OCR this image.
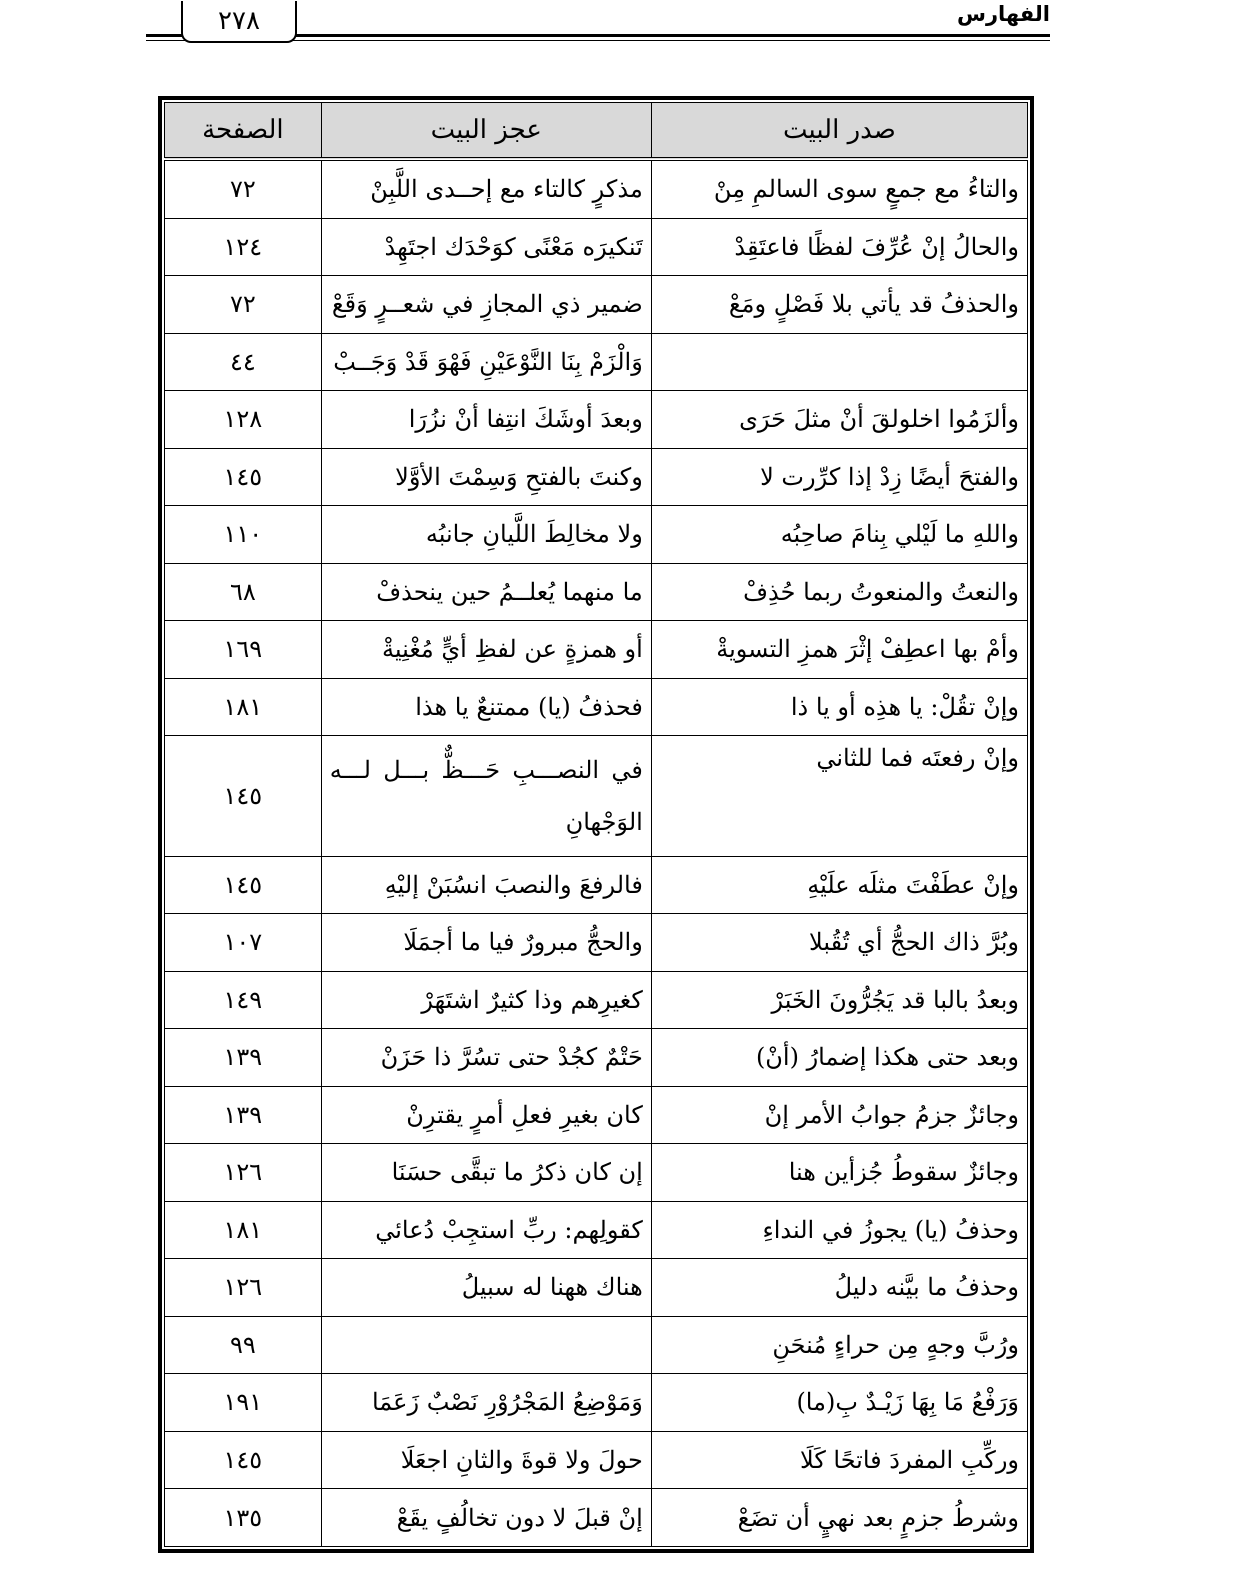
٢٧٨	الفهارس
صدر البيت	عجز البيت	الصفحة
والتاءُ مع جمعٍ سوى السالمِ مِنْ	مذكرٍ كالتاء مع إحــدى اللَّبِنْ	٧٢
والحالُ إنْ عُرِّفَ لفظًا فاعتَقِدْ	تَنكيرَه مَعْنًى كوَحْدَك اجتَهِدْ	١٢٤
والحذفُ قد يأتي بلا فَصْلٍ ومَعْ	ضمير ذي المجازِ في شعــرٍ وَقَعْ	٧٢
	وَالْزَمْ بِنَا النَّوْعَيْنِ فَهْوَ قَدْ وَجَــبْ	٤٤
وألزَمُوا اخلولقَ أنْ مثلَ حَرَى	وبعدَ أوشَكَ انتِفا أنْ نزُرَا	١٢٨
والفتحَ أيضًا زِدْ إذا كرِّرت لا	وكنتَ بالفتحِ وَسِمْتَ الأوَّلا	١٤٥
واللهِ ما لَيْلي بِنامَ صاحِبُه	ولا مخالِطَ اللَّيانِ جانبُه	١١٠
والنعتُ والمنعوتُ ربما حُذِفْ	ما منهما يُعلــمُ حين ينحذفْ	٦٨
وأمْ بها اعطِفْ إثْرَ همزِ التسويةْ	أو همزةٍ عن لفظِ أيٍّ مُغْنِيةْ	١٦٩
وإنْ تقُلْ: يا هذِه أو يا ذا	فحذفُ (يا) ممتنعٌ يا هذا	١٨١
وإنْ رفعتَه فما للثاني	في النصـــبِ حَـــظٌّ بـــل لـــه الوَجْهانِ	١٤٥
وإنْ عطَفْتَ مثلَه علَيْهِ	فالرفعَ والنصبَ انسُبَنْ إليْهِ	١٤٥
وبُرَّ ذاك الحجُّ أي تُقُبلا	والحجُّ مبرورٌ فيا ما أجمَلَا	١٠٧
وبعدُ بالبا قد يَجُرُّونَ الخَبَرْ	كغيرِهم وذا كثيرٌ اشتَهَرْ	١٤٩
وبعد حتى هكذا إضمارُ (أنْ)	حَتْمٌ كجُدْ حتى تسُرَّ ذا حَزَنْ	١٣٩
وجائزٌ جزمُ جوابُ الأمر إنْ	كان بغيرِ فعلِ أمرٍ يقترِنْ	١٣٩
وجائزٌ سقوطُ جُزأين هنا	إن كان ذكرُ ما تبقَّى حسَنَا	١٢٦
وحذفُ (يا) يجوزُ في النداءِ	كقولِهم: ربِّ استجِبْ دُعائي	١٨١
وحذفُ ما بيَّنه دليلُ	هناك ههنا له سبيلُ	١٢٦
ورُبَّ وجهٍ مِن حراءٍ مُنحَنِ		٩٩
وَرَفْعُ مَا بِهَا زَيْـدٌ بِ(ما)	وَمَوْضِعُ المَجْرُوْرِ نَصْبٌ زَعَمَا	١٩١
وركِّبِ المفردَ فاتحًا كَلَا	حولَ ولا قوةَ والثانِ اجعَلَا	١٤٥
وشرطُ جزمٍ بعد نهيٍ أن تضَعْ	إنْ قبلَ لا دون تخالُفٍ يقَعْ	١٣٥
